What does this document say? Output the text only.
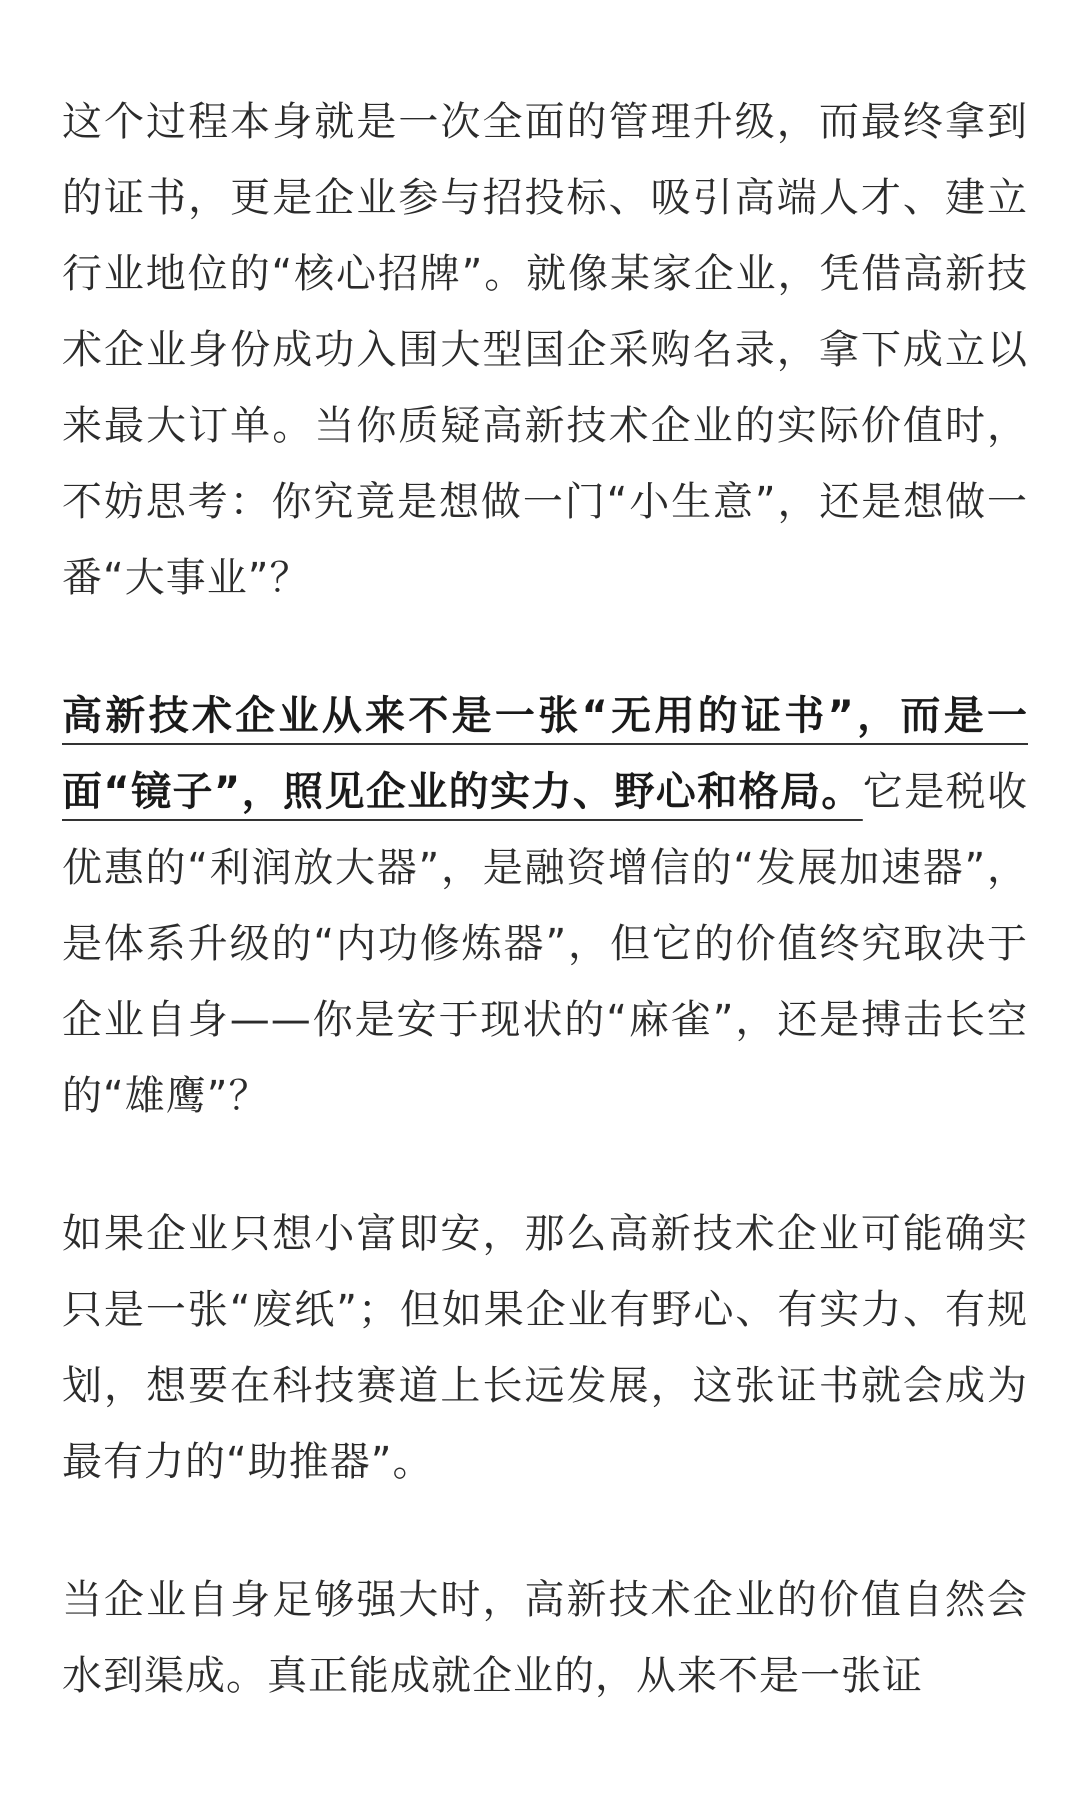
这个过程本身就是一次全面的管理升级，而最终拿到的证书，更是企业参与招投标、吸引高端人才、建立行业地位的“核心招牌”。就像某家企业，凭借高新技术企业身份成功入围大型国企采购名录，拿下成立以来最大订单。当你质疑高新技术企业的实际价值时，不妨思考：你究竟是想做一门“小生意”，还是想做一番“大事业”？

高新技术企业从来不是一张“无用的证书”，而是一面“镜子”，照见企业的实力、野心和格局。它是税收优惠的“利润放大器”，是融资增信的“发展加速器”，是体系升级的“内功修炼器”，但它的价值终究取决于企业自身——你是安于现状的“麻雀”，还是搏击长空的“雄鹰”？

如果企业只想小富即安，那么高新技术企业可能确实只是一张“废纸”；但如果企业有野心、有实力、有规划，想要在科技赛道上长远发展，这张证书就会成为最有力的“助推器”。

当企业自身足够强大时，高新技术企业的价值自然会水到渠成。真正能成就企业的，从来不是一张证
